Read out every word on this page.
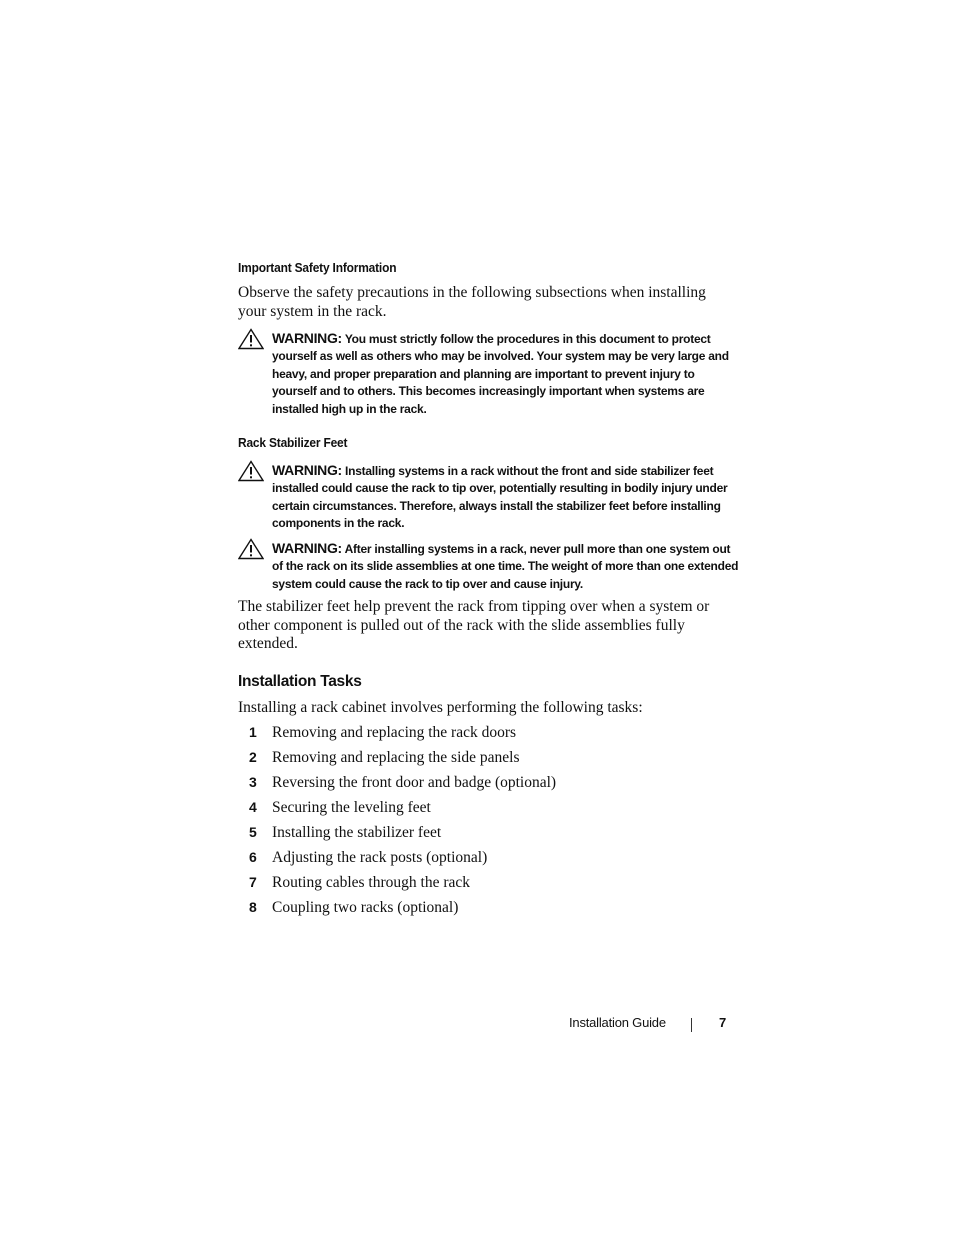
Important Safety Information
Observe the safety precautions in the following subsections when installing your system in the rack.
WARNING: You must strictly follow the procedures in this document to protect yourself as well as others who may be involved. Your system may be very large and heavy, and proper preparation and planning are important to prevent injury to yourself and to others. This becomes increasingly important when systems are installed high up in the rack.
Rack Stabilizer Feet
WARNING: Installing systems in a rack without the front and side stabilizer feet installed could cause the rack to tip over, potentially resulting in bodily injury under certain circumstances. Therefore, always install the stabilizer feet before installing components in the rack.
WARNING: After installing systems in a rack, never pull more than one system out of the rack on its slide assemblies at one time. The weight of more than one extended system could cause the rack to tip over and cause injury.
The stabilizer feet help prevent the rack from tipping over when a system or other component is pulled out of the rack with the slide assemblies fully extended.
Installation Tasks
Installing a rack cabinet involves performing the following tasks:
1 Removing and replacing the rack doors
2 Removing and replacing the side panels
3 Reversing the front door and badge (optional)
4 Securing the leveling feet
5 Installing the stabilizer feet
6 Adjusting the rack posts (optional)
7 Routing cables through the rack
8 Coupling two racks (optional)
Installation Guide	7
